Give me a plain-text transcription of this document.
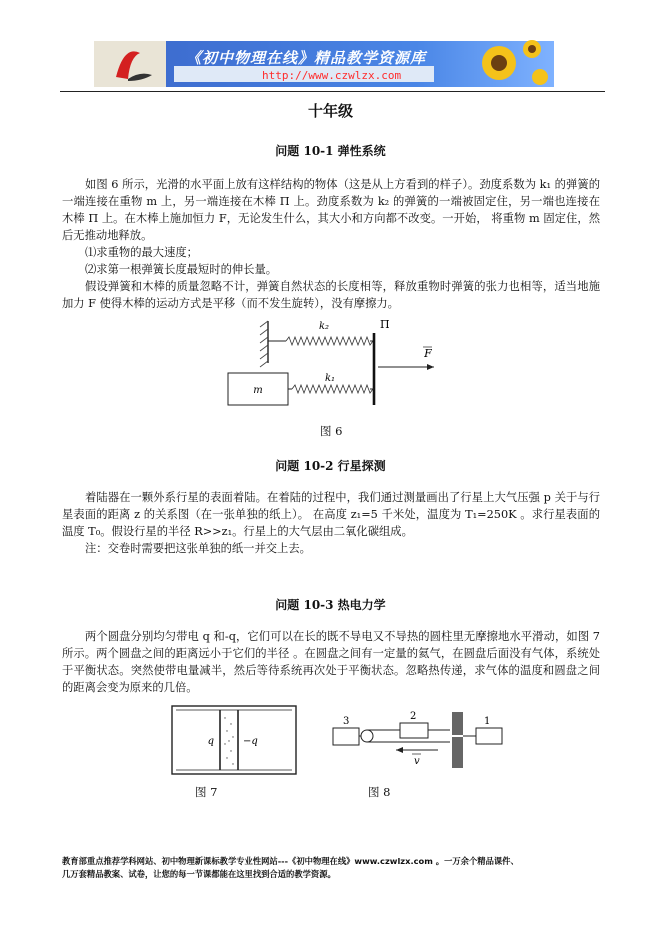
《初中物理在线》精品教学资源库
http://www.czwlzx.com
十年级
问题 10-1 弹性系统

如图 6 所示，光滑的水平面上放有这样结构的物体（这是从上方看到的样子）。劲度系数为 k₁ 的弹簧的一端连接在重物 m 上，另一端连接在木棒 Π 上。劲度系数为 k₂ 的弹簧的一端被固定住，另一端也连接在木棒 Π 上。在木棒上施加恒力 F，无论发生什么，其大小和方向都不改变。一开始， 将重物 m 固定住，然后无推动地释放。

⑴求重物的最大速度；

⑵求第一根弹簧长度最短时的伸长量。

假设弹簧和木棒的质量忽略不计，弹簧自然状态的长度相等，释放重物时弹簧的张力也相等，适当地施加力 F 使得木棒的运动方式是平移（而不发生旋转），没有摩擦力。

k₂	Π
F
m
k₁
图 6
问题 10-2 行星探测

着陆器在一颗外系行星的表面着陆。在着陆的过程中，我们通过测量画出了行星上大气压强 p 关于与行星表面的距离 z 的关系图（在一张单独的纸上）。 在高度 z₁=5 千米处，温度为 T₁=250K 。求行星表面的温度 T₀。假设行星的半径 R>>z₁。行星上的大气层由二氧化碳组成。

注：交卷时需要把这张单独的纸一并交上去。

问题 10-3 热电力学

两个圆盘分别均匀带电 q 和-q，它们可以在长的既不导电又不导热的圆柱里无摩擦地水平滑动，如图 7 所示。两个圆盘之间的距离远小于它们的半径 。在圆盘之间有一定量的氦气，在圆盘后面没有气体，系统处于平衡状态。突然使带电量减半，然后等待系统再次处于平衡状态。忽略热传递，求气体的温度和圆盘之间的距离会变为原来的几倍。

q	−q
图 7
3	2	1
v
图 8
教育部重点推荐学科网站、初中物理新课标教学专业性网站---《初中物理在线》www.czwlzx.com 。一万余个精品课件、
几万套精品教案、试卷，让您的每一节课都能在这里找到合适的教学资源。
